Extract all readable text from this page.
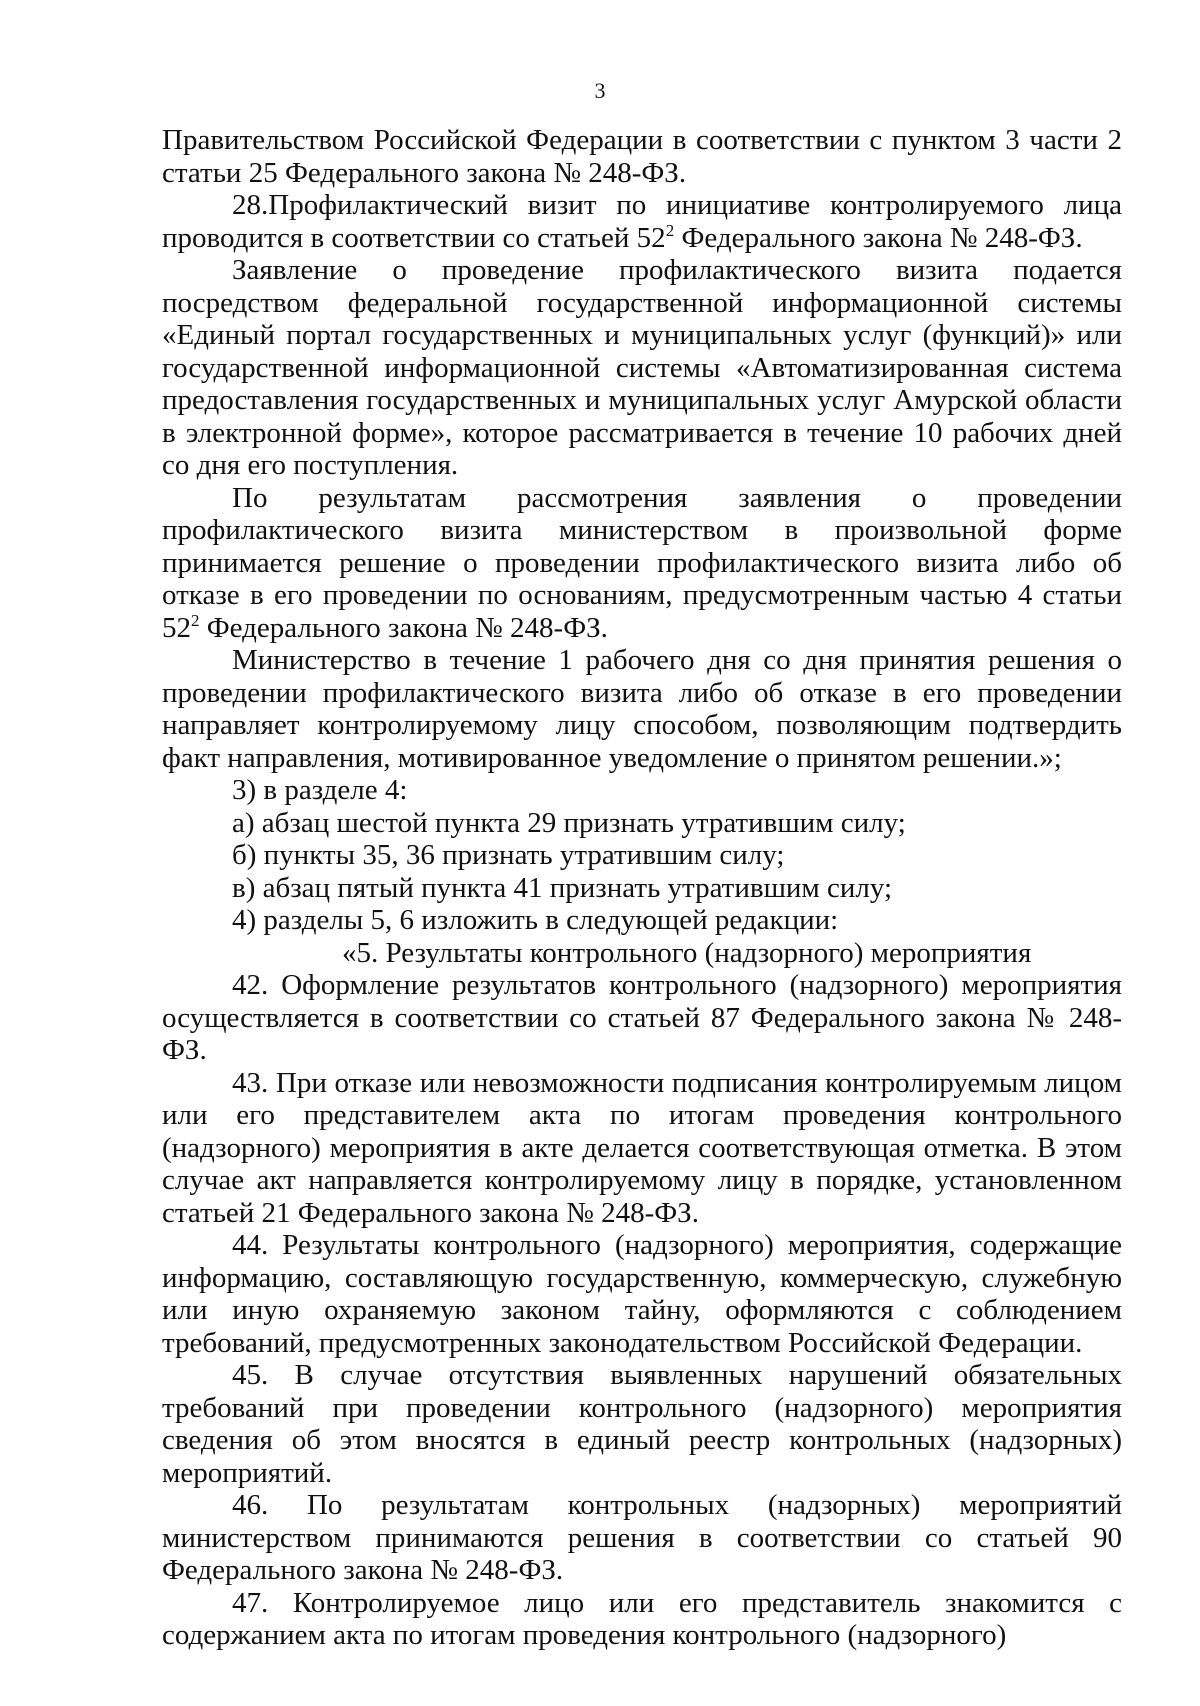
3

Правительством Российской Федерации в соответствии с пунктом 3 части 2 статьи 25 Федерального закона № 248-ФЗ.

28.Профилактический визит по инициативе контролируемого лица проводится в соответствии со статьей $52^2$ Федерального закона № 248-ФЗ.

Заявление о проведение профилактического визита подается посредством федеральной государственной информационной системы «Единый портал государственных и муниципальных услуг (функций)» или государственной информационной системы «Автоматизированная система предоставления государственных и муниципальных услуг Амурской области в электронной форме», которое рассматривается в течение 10 рабочих дней со дня его поступления.

По результатам рассмотрения заявления о проведении профилактического визита министерством в произвольной форме принимается решение о проведении профилактического визита либо об отказе в его проведении по основаниям, предусмотренным частью 4 статьи $52^2$ Федерального закона № 248-ФЗ.

Министерство в течение 1 рабочего дня со дня принятия решения о проведении профилактического визита либо об отказе в его проведении направляет контролируемому лицу способом, позволяющим подтвердить факт направления, мотивированное уведомление о принятом решении.»;

3) в разделе 4:

а) абзац шестой пункта 29 признать утратившим силу;

б) пункты 35, 36 признать утратившим силу;

в) абзац пятый пункта 41 признать утратившим силу;

4) разделы 5, 6 изложить в следующей редакции:

«5. Результаты контрольного (надзорного) мероприятия

42. Оформление результатов контрольного (надзорного) мероприятия осуществляется в соответствии со статьей 87 Федерального закона № 248-ФЗ.

43. При отказе или невозможности подписания контролируемым лицом или его представителем акта по итогам проведения контрольного (надзорного) мероприятия в акте делается соответствующая отметка. В этом случае акт направляется контролируемому лицу в порядке, установленном статьей 21 Федерального закона № 248-ФЗ.

44. Результаты контрольного (надзорного) мероприятия, содержащие информацию, составляющую государственную, коммерческую, служебную или иную охраняемую законом тайну, оформляются с соблюдением требований, предусмотренных законодательством Российской Федерации.

45. В случае отсутствия выявленных нарушений обязательных требований при проведении контрольного (надзорного) мероприятия сведения об этом вносятся в единый реестр контрольных (надзорных) мероприятий.

46. По результатам контрольных (надзорных) мероприятий министерством принимаются решения в соответствии со статьей 90 Федерального закона № 248-ФЗ.

47. Контролируемое лицо или его представитель знакомится с содержанием акта по итогам проведения контрольного (надзорного)
